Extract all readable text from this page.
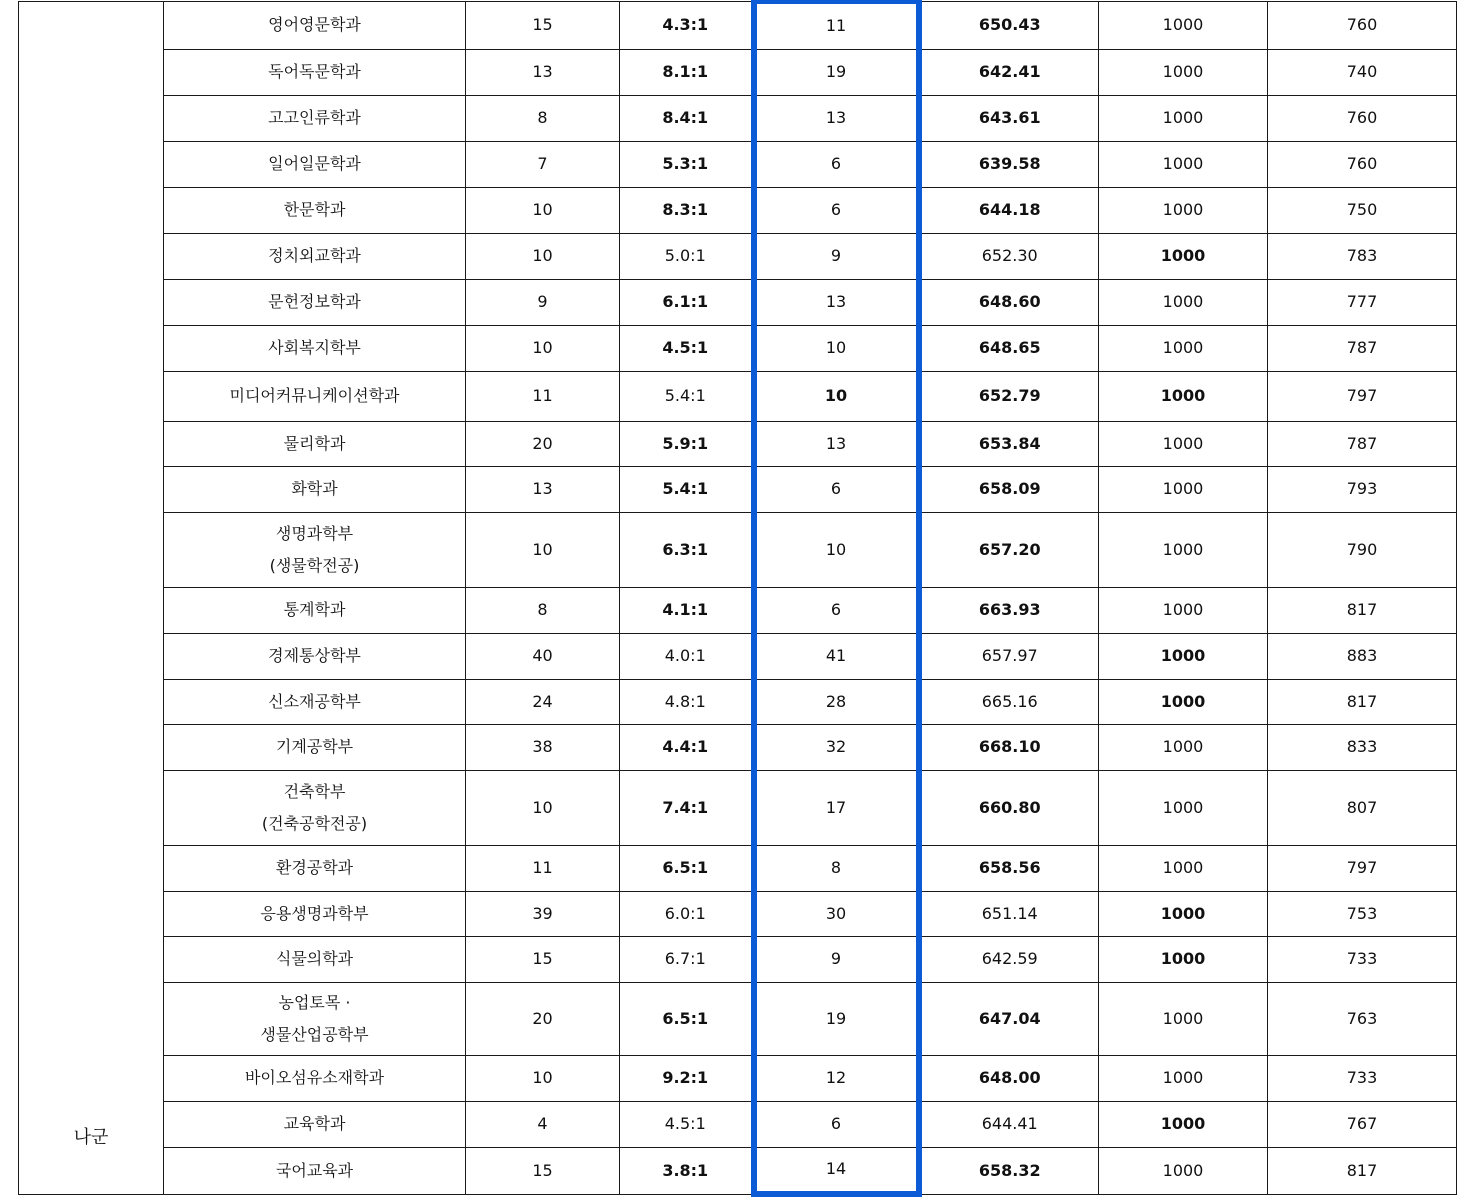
나군	영어영문학과	15	4.3:1	11	650.43	1000	760

	독어독문학과	13	8.1:1	19	642.41	1000	740

	고고인류학과	8	8.4:1	13	643.61	1000	760

	일어일문학과	7	5.3:1	6	639.58	1000	760

	한문학과	10	8.3:1	6	644.18	1000	750

	정치외교학과	10	5.0:1	9	652.30	1000	783

	문헌정보학과	9	6.1:1	13	648.60	1000	777

	사회복지학부	10	4.5:1	10	648.65	1000	787

	미디어커뮤니케이션학과	11	5.4:1	10	652.79	1000	797

	물리학과	20	5.9:1	13	653.84	1000	787

	화학과	13	5.4:1	6	658.09	1000	793

	생명과학부
(생물학전공)	10	6.3:1	10	657.20	1000	790

	통계학과	8	4.1:1	6	663.93	1000	817

	경제통상학부	40	4.0:1	41	657.97	1000	883

	신소재공학부	24	4.8:1	28	665.16	1000	817

	기계공학부	38	4.4:1	32	668.10	1000	833

	건축학부
(건축공학전공)	10	7.4:1	17	660.80	1000	807

	환경공학과	11	6.5:1	8	658.56	1000	797

	응용생명과학부	39	6.0:1	30	651.14	1000	753

	식물의학과	15	6.7:1	9	642.59	1000	733

	농업토목 ·
생물산업공학부	20	6.5:1	19	647.04	1000	763

	바이오섬유소재학과	10	9.2:1	12	648.00	1000	733

	교육학과	4	4.5:1	6	644.41	1000	767

	국어교육과	15	3.8:1	14	658.32	1000	817
